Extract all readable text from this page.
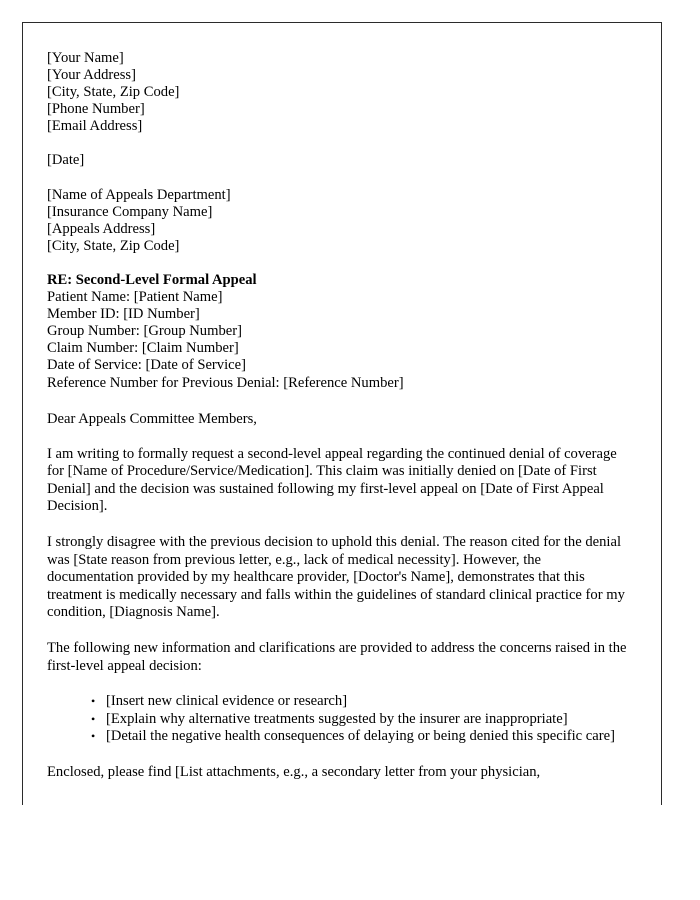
[Your Name]
[Your Address]
[City, State, Zip Code]
[Phone Number]
[Email Address]
[Date]
[Name of Appeals Department]
[Insurance Company Name]
[Appeals Address]
[City, State, Zip Code]
RE: Second-Level Formal Appeal
Patient Name: [Patient Name]
Member ID: [ID Number]
Group Number: [Group Number]
Claim Number: [Claim Number]
Date of Service: [Date of Service]
Reference Number for Previous Denial: [Reference Number]
Dear Appeals Committee Members,

I am writing to formally request a second-level appeal regarding the continued denial of coverage for [Name of Procedure/Service/Medication]. This claim was initially denied on [Date of First Denial] and the decision was sustained following my first-level appeal on [Date of First Appeal Decision].

I strongly disagree with the previous decision to uphold this denial. The reason cited for the denial was [State reason from previous letter, e.g., lack of medical necessity]. However, the documentation provided by my healthcare provider, [Doctor's Name], demonstrates that this treatment is medically necessary and falls within the guidelines of standard clinical practice for my condition, [Diagnosis Name].

The following new information and clarifications are provided to address the concerns raised in the first-level appeal decision:

• [Insert new clinical evidence or research]
• [Explain why alternative treatments suggested by the insurer are inappropriate]
• [Detail the negative health consequences of delaying or being denied this specific care]

Enclosed, please find [List attachments, e.g., a secondary letter from your physician,
